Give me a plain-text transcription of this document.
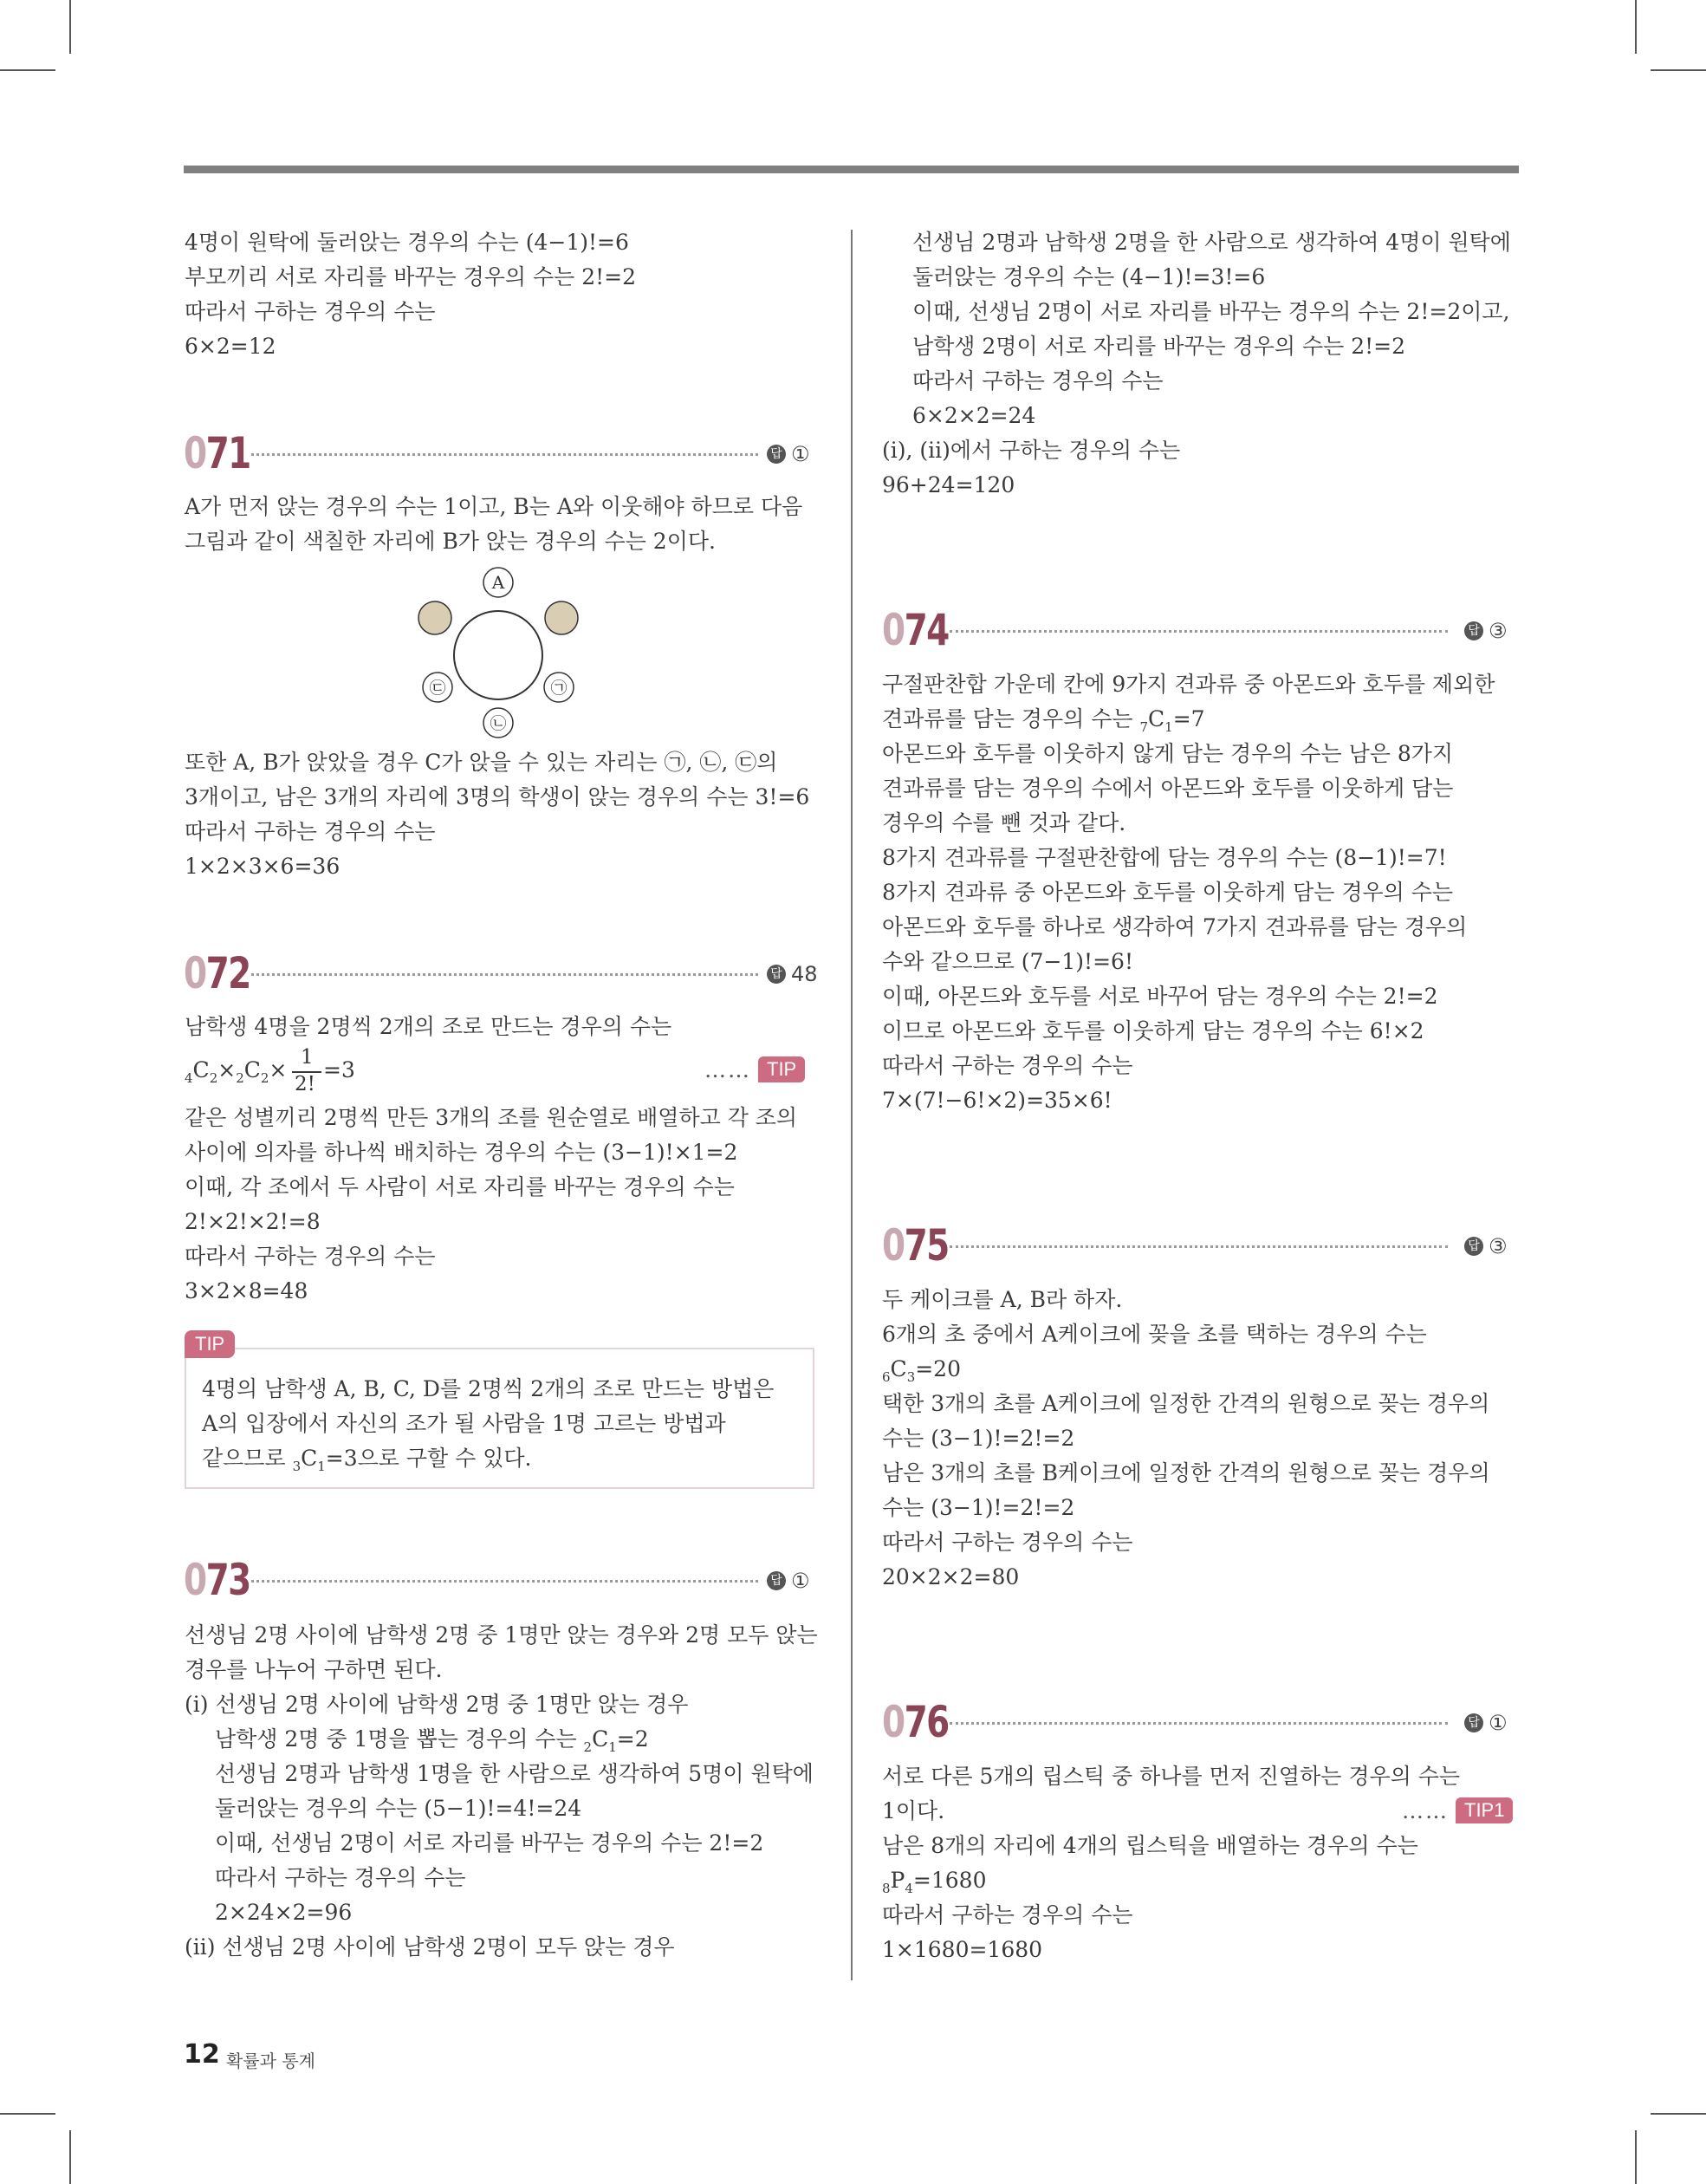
4명이 원탁에 둘러앉는 경우의 수는 (4−1)!=6
부모끼리 서로 자리를 바꾸는 경우의 수는 2!=2
따라서 구하는 경우의 수는
6×2=12
071	답 ①
A가 먼저 앉는 경우의 수는 1이고, B는 A와 이웃해야 하므로 다음
그림과 같이 색칠한 자리에 B가 앉는 경우의 수는 2이다.
A
㉢	㉠
㉡
또한 A, B가 앉았을 경우 C가 앉을 수 있는 자리는 ㉠, ㉡, ㉢의
3개이고, 남은 3개의 자리에 3명의 학생이 앉는 경우의 수는 3!=6
따라서 구하는 경우의 수는
1×2×3×6=36
072	답 48
남학생 4명을 2명씩 2개의 조로 만드는 경우의 수는
$_4C_2\times_2C_2\times 1$
2!
=3	…… TIP
같은 성별끼리 2명씩 만든 3개의 조를 원순열로 배열하고 각 조의
사이에 의자를 하나씩 배치하는 경우의 수는 (3−1)!×1=2
이때, 각 조에서 두 사람이 서로 자리를 바꾸는 경우의 수는
2!×2!×2!=8
따라서 구하는 경우의 수는
3×2×8=48
TIP
4명의 남학생 A, B, C, D를 2명씩 2개의 조로 만드는 방법은
A의 입장에서 자신의 조가 될 사람을 1명 고르는 방법과
같으므로 $_3C_1=3$으로 구할 수 있다.
073	답 ①
선생님 2명 사이에 남학생 2명 중 1명만 앉는 경우와 2명 모두 앉는
경우를 나누어 구하면 된다.
(ⅰ) 선생님 2명 사이에 남학생 2명 중 1명만 앉는 경우
남학생 2명 중 1명을 뽑는 경우의 수는 $_2C_1=2$
선생님 2명과 남학생 1명을 한 사람으로 생각하여 5명이 원탁에
둘러앉는 경우의 수는 (5−1)!=4!=24
이때, 선생님 2명이 서로 자리를 바꾸는 경우의 수는 2!=2
따라서 구하는 경우의 수는
2×24×2=96
(ⅱ) 선생님 2명 사이에 남학생 2명이 모두 앉는 경우
선생님 2명과 남학생 2명을 한 사람으로 생각하여 4명이 원탁에
둘러앉는 경우의 수는 (4−1)!=3!=6
이때, 선생님 2명이 서로 자리를 바꾸는 경우의 수는 2!=2이고,
남학생 2명이 서로 자리를 바꾸는 경우의 수는 2!=2
따라서 구하는 경우의 수는
6×2×2=24
(ⅰ), (ⅱ)에서 구하는 경우의 수는
96+24=120
074	답 ③
구절판찬합 가운데 칸에 9가지 견과류 중 아몬드와 호두를 제외한
견과류를 담는 경우의 수는 $_7C_1=7$
아몬드와 호두를 이웃하지 않게 담는 경우의 수는 남은 8가지
견과류를 담는 경우의 수에서 아몬드와 호두를 이웃하게 담는
경우의 수를 뺀 것과 같다.
8가지 견과류를 구절판찬합에 담는 경우의 수는 (8−1)!=7!
8가지 견과류 중 아몬드와 호두를 이웃하게 담는 경우의 수는
아몬드와 호두를 하나로 생각하여 7가지 견과류를 담는 경우의
수와 같으므로 (7−1)!=6!
이때, 아몬드와 호두를 서로 바꾸어 담는 경우의 수는 2!=2
이므로 아몬드와 호두를 이웃하게 담는 경우의 수는 6!×2
따라서 구하는 경우의 수는
7×(7!−6!×2)=35×6!
075	답 ③
두 케이크를 A, B라 하자.
6개의 초 중에서 A케이크에 꽂을 초를 택하는 경우의 수는
$_6C_3=20$
택한 3개의 초를 A케이크에 일정한 간격의 원형으로 꽂는 경우의
수는 (3−1)!=2!=2
남은 3개의 초를 B케이크에 일정한 간격의 원형으로 꽂는 경우의
수는 (3−1)!=2!=2
따라서 구하는 경우의 수는
20×2×2=80
076	답 ①
서로 다른 5개의 립스틱 중 하나를 먼저 진열하는 경우의 수는
1이다.	…… TIP1
남은 8개의 자리에 4개의 립스틱을 배열하는 경우의 수는
$_8P_4=1680$
따라서 구하는 경우의 수는
1×1680=1680
12 확률과 통계
